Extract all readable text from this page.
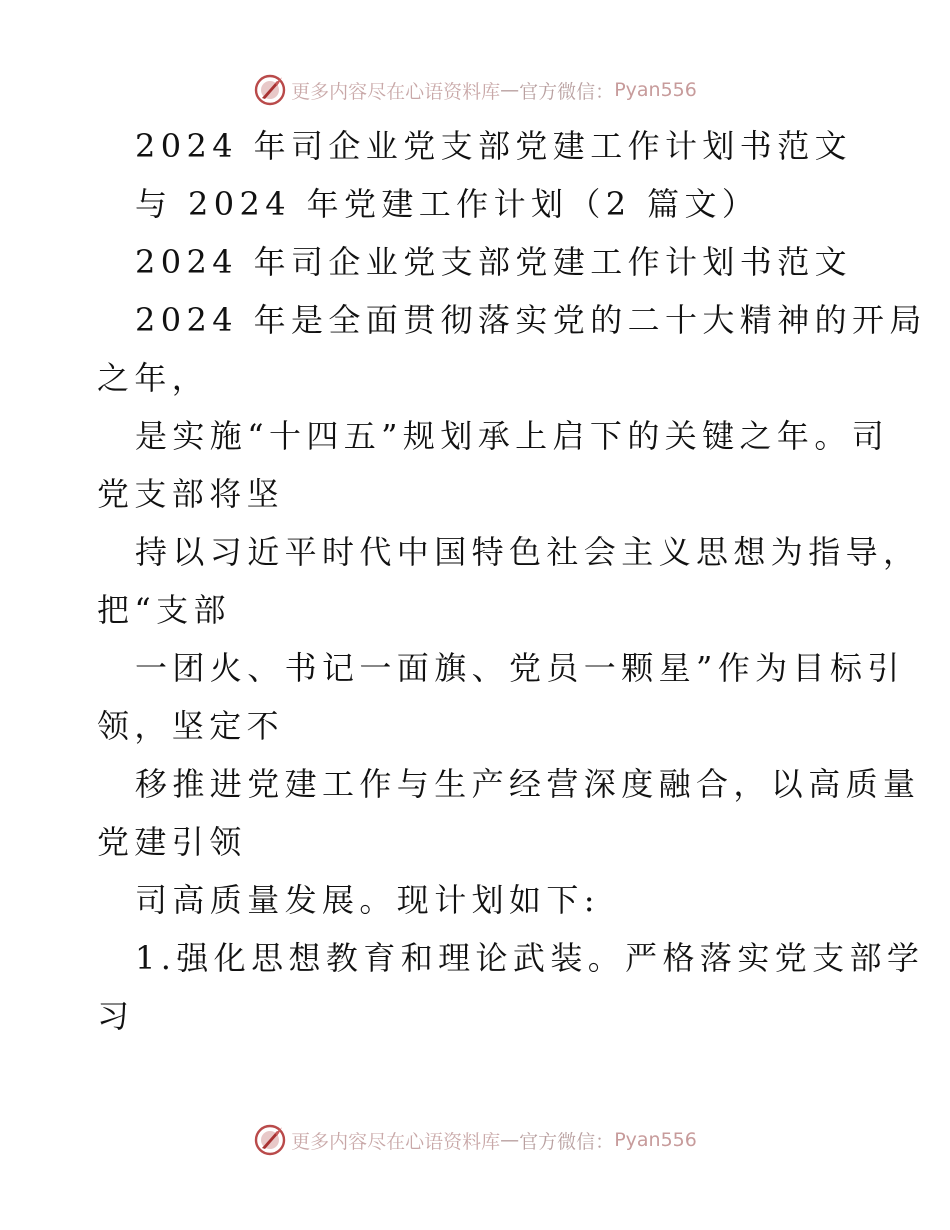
更多内容尽在心语资料库 — 官方微信： Pyan556
2024 年司企业党支部党建工作计划书范文
与 2024 年党建工作计划（2 篇文）
2024 年司企业党支部党建工作计划书范文
2024 年是全面贯彻落实党的二十大精神的开局
之年，
是实施“十四五”规划承上启下的关键之年。司
党支部将坚
持以习近平时代中国特色社会主义思想为指导，
把“支部
一团火、书记一面旗、党员一颗星”作为目标引
领，坚定不
移推进党建工作与生产经营深度融合，以高质量
党建引领
司高质量发展。现计划如下:
1.强化思想教育和理论武装。严格落实党支部学
习
更多内容尽在心语资料库 — 官方微信： Pyan556
